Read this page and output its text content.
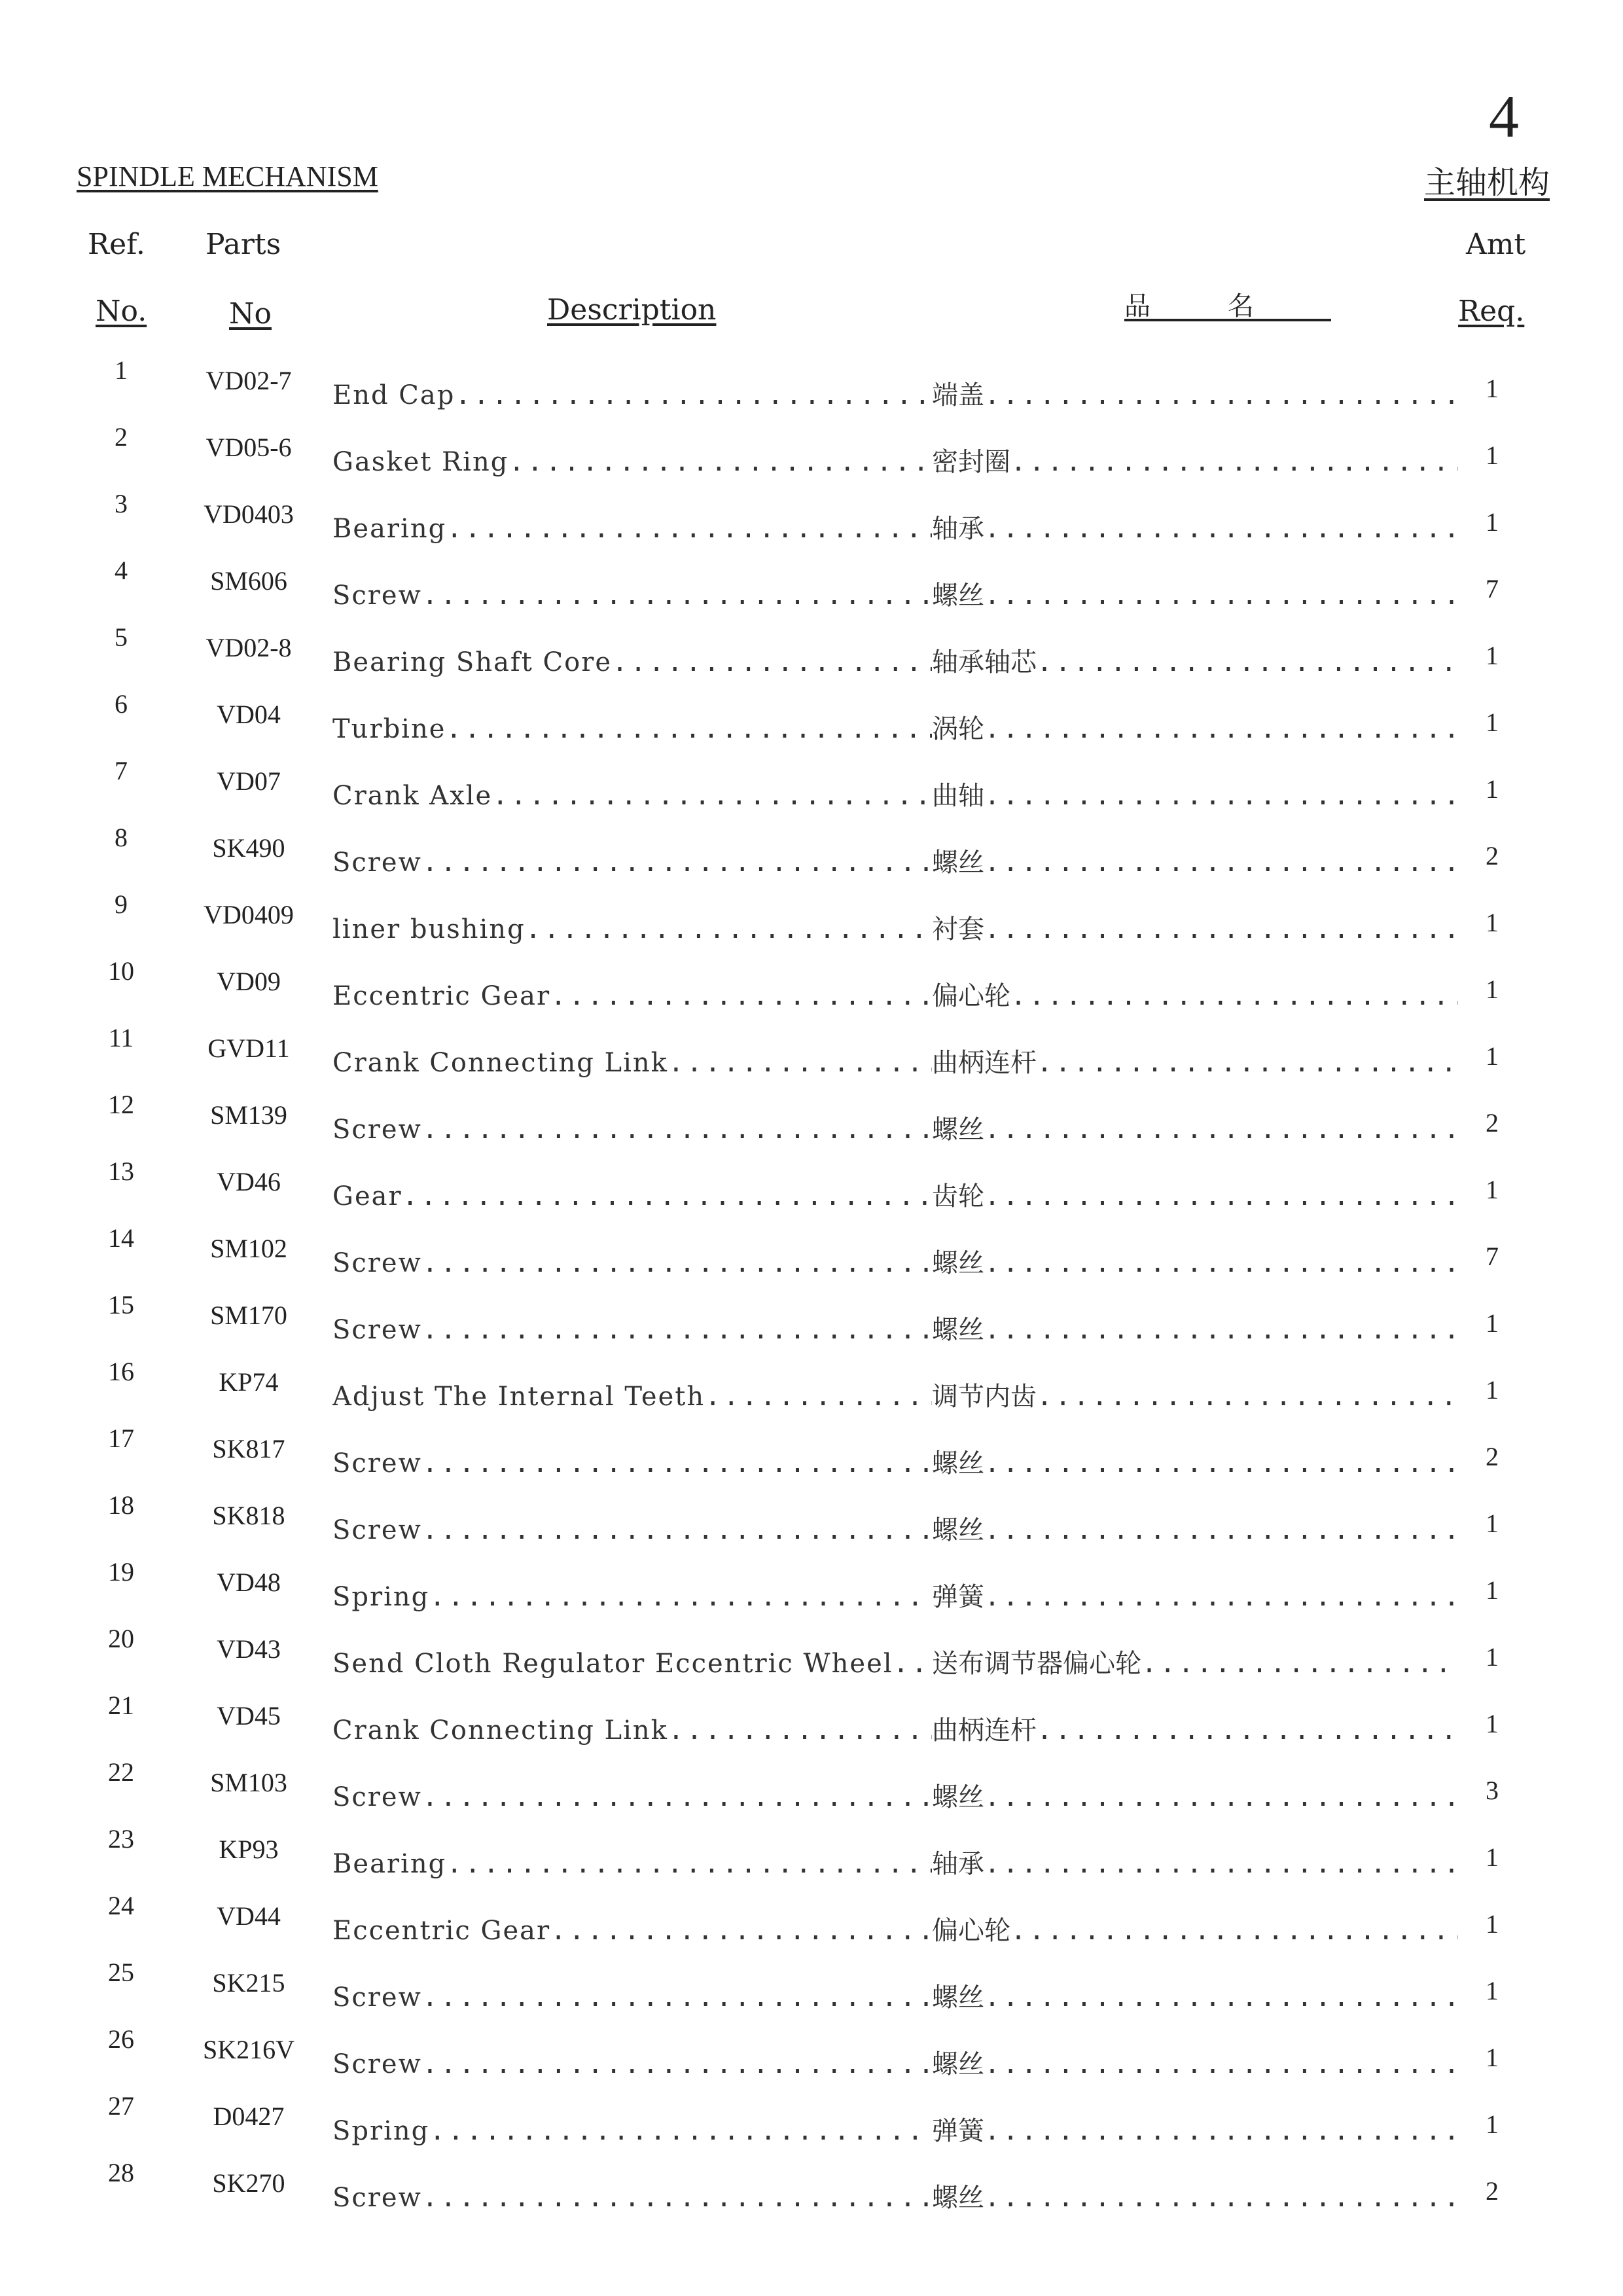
4
SPINDLE MECHANISM	主轴机构
Ref.
No.
Parts
No	Description	品名
Amt
Req.
1	VD02-7	End Cap .....	端盖 .....	1
2	VD05-6	Gasket Ring .....	密封圈 .....	1
3	VD0403	Bearing .....	轴承 .....	1
4	SM606	Screw .....	螺丝 .....	7
5	VD02-8	Bearing Shaft Core .....	轴承轴芯 .....	1
6	VD04	Turbine .....	涡轮 .....	1
7	VD07	Crank Axle .....	曲轴 .....	1
8	SK490	Screw .....	螺丝 .....	2
9	VD0409	liner bushing .....	衬套 .....	1
10	VD09	Eccentric Gear .....	偏心轮 .....	1
11	GVD11	Crank Connecting Link .....	曲柄连杆 .....	1
12	SM139	Screw .....	螺丝 .....	2
13	VD46	Gear .....	齿轮 .....	1
14	SM102	Screw .....	螺丝 .....	7
15	SM170	Screw .....	螺丝 .....	1
16	KP74	Adjust The Internal Teeth .....	调节内齿 .....	1
17	SK817	Screw .....	螺丝 .....	2
18	SK818	Screw .....	螺丝 .....	1
19	VD48	Spring .....	弹簧 .....	1
20	VD43	Send Cloth Regulator Eccentric Wheel ..... 送布调节器偏心轮 .....	1
21	VD45	Crank Connecting Link .....	曲柄连杆 .....	1
22	SM103	Screw .....	螺丝 .....	3
23	KP93	Bearing .....	轴承 .....	1
24	VD44	Eccentric Gear .....	偏心轮 .....	1
25	SK215	Screw .....	螺丝 .....	1
26	SK216V	Screw .....	螺丝 .....	1
27	D0427	Spring .....	弹簧 .....	1
28	SK270	Screw .....	螺丝 .....	2
